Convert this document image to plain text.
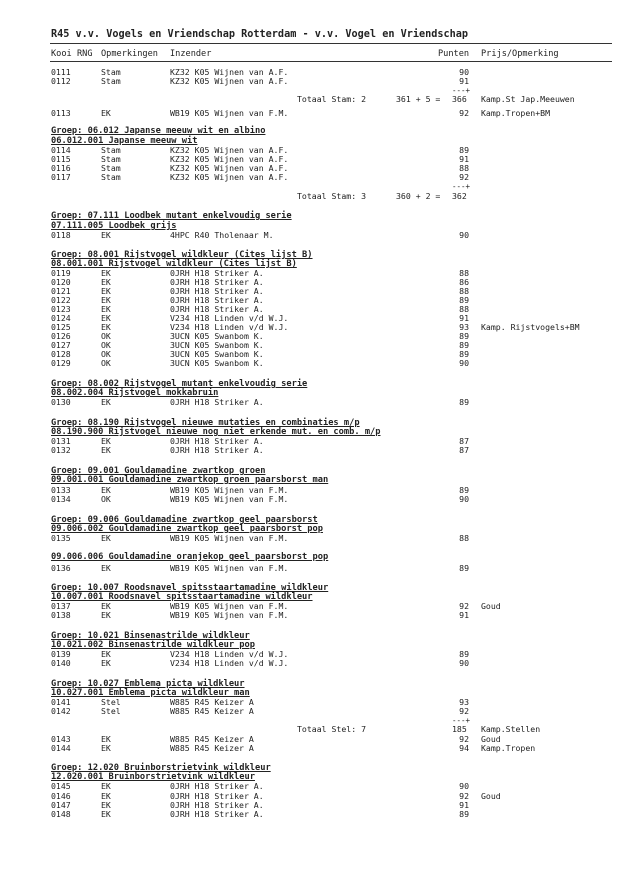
R45 v.v. Vogels en Vriendschap Rotterdam - v.v. Vogel en Vriendschap
Kooi RNG Opmerkingen Inzender	Punten Prijs/Opmerking
0111	Stam	KZ32 K05 Wijnen van A.F.	90
0112	Stam	KZ32 K05 Wijnen van A.F.	91
---+
Totaal Stam: 2	361 + 5 = 366 Kamp.St Jap.Meeuwen
0113	EK	WB19 K05 Wijnen van F.M.	92 Kamp.Tropen+BM
Groep: 06.012 Japanse meeuw wit en albino
06.012.001 Japanse meeuw wit
0114	Stam	KZ32 K05 Wijnen van A.F.	89
0115	Stam	KZ32 K05 Wijnen van A.F.	91
0116	Stam	KZ32 K05 Wijnen van A.F.	88
0117	Stam	KZ32 K05 Wijnen van A.F.	92
---+
Totaal Stam: 3	360 + 2 = 362
Groep: 07.111 Loodbek mutant enkelvoudig serie
07.111.005 Loodbek grijs
0118	EK	4HPC R40 Tholenaar M.	90
Groep: 08.001 Rijstvogel wildkleur (Cites lijst B)
08.001.001 Rijstvogel wildkleur (Cites lijst B)
0119	EK	0JRH H18 Striker A.	88
0120	EK	0JRH H18 Striker A.	86
0121	EK	0JRH H18 Striker A.	88
0122	EK	0JRH H18 Striker A.	89
0123	EK	0JRH H18 Striker A.	88
0124	EK	V234 H18 Linden v/d W.J.	91
0125	EK	V234 H18 Linden v/d W.J.	93 Kamp. Rijstvogels+BM
0126	OK	3UCN K05 Swanbom K.	89
0127	OK	3UCN K05 Swanbom K.	89
0128	OK	3UCN K05 Swanbom K.	89
0129	OK	3UCN K05 Swanbom K.	90
Groep: 08.002 Rijstvogel mutant enkelvoudig serie
08.002.004 Rijstvogel mokkabruin
0130	EK	0JRH H18 Striker A.	89
Groep: 08.190 Rijstvogel nieuwe mutaties en combinaties m/p
08.190.900 Rijstvogel nieuwe nog niet erkende mut. en comb. m/p
0131	EK	0JRH H18 Striker A.	87
0132	EK	0JRH H18 Striker A.	87
Groep: 09.001 Gouldamadine zwartkop groen
09.001.001 Gouldamadine zwartkop groen paarsborst man
0133	EK	WB19 K05 Wijnen van F.M.	89
0134	OK	WB19 K05 Wijnen van F.M.	90
Groep: 09.006 Gouldamadine zwartkop geel paarsborst
09.006.002 Gouldamadine zwartkop geel paarsborst pop
0135	EK	WB19 K05 Wijnen van F.M.	88
09.006.006 Gouldamadine oranjekop geel paarsborst pop
0136	EK	WB19 K05 Wijnen van F.M.	89
Groep: 10.007 Roodsnavel spitsstaartamadine wildkleur
10.007.001 Roodsnavel spitsstaartamadine wildkleur
0137	EK	WB19 K05 Wijnen van F.M.	92 Goud
0138	EK	WB19 K05 Wijnen van F.M.	91
Groep: 10.021 Binsenastrilde wildkleur
10.021.002 Binsenastrilde wildkleur pop
0139	EK	V234 H18 Linden v/d W.J.	89
0140	EK	V234 H18 Linden v/d W.J.	90
Groep: 10.027 Emblema picta wildkleur
10.027.001 Emblema picta wildkleur man
0141	Stel	W885 R45 Keizer A	93
0142	Stel	W885 R45 Keizer A	92
---+
Totaal Stel: 7	185 Kamp.Stellen
0143	EK	W885 R45 Keizer A	92 Goud
0144	EK	W885 R45 Keizer A	94 Kamp.Tropen
Groep: 12.020 Bruinborstrietvink wildkleur
12.020.001 Bruinborstrietvink wildkleur
0145	EK	0JRH H18 Striker A.	90
0146	EK	0JRH H18 Striker A.	92 Goud
0147	EK	0JRH H18 Striker A.	91
0148	EK	0JRH H18 Striker A.	89
